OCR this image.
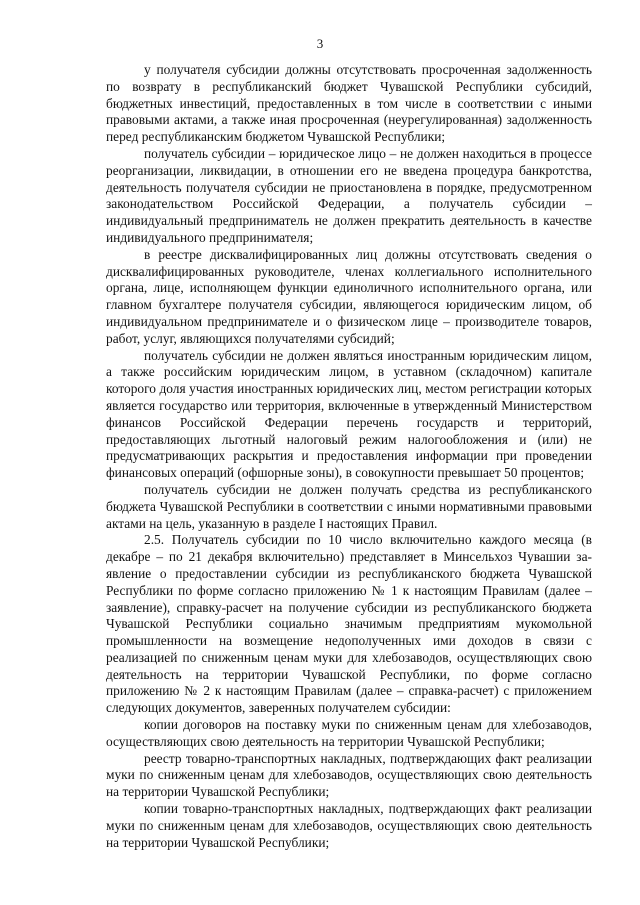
3

у получателя субсидии должны отсутствовать просроченная задолженность по возврату в республиканский бюджет Чувашской Республики субсидий, бюджетных инвестиций, предоставленных в том числе в соответствии с иными правовыми актами, а также иная просроченная (неурегулированная) задолженность перед республиканским бюджетом Чувашской Республики;

получатель субсидии – юридическое лицо – не должен находиться в процессе реорганизации, ликвидации, в отношении его не введена процедура банкротства, деятельность получателя субсидии не приостановлена в порядке, предусмотренном законодательством Российской Федерации, а получатель субсидии – индивидуальный предприниматель не должен прекратить деятельность в качестве индивидуального предпринимателя;

в реестре дисквалифицированных лиц должны отсутствовать сведения о дисквалифицированных руководителе, членах коллегиального исполнительного органа, лице, исполняющем функции единоличного исполнительного органа, или главном бухгалтере получателя субсидии, являющегося юридическим лицом, об индивидуальном предпринимателе и о физическом лице – производителе товаров, работ, услуг, являющихся получателями субсидий;

получатель субсидии не должен являться иностранным юридическим лицом, а также российским юридическим лицом, в уставном (складочном) капитале которого доля участия иностранных юридических лиц, местом регистрации которых является государство или территория, включенные в утвержденный Министерством финансов Российской Федерации перечень государств и территорий, предоставляющих льготный налоговый режим налогообложения и (или) не предусматривающих раскрытия и предоставления информации при проведении финансовых операций (офшорные зоны), в совокупности превышает 50 процентов;

получатель субсидии не должен получать средства из республиканского бюджета Чувашской Республики в соответствии с иными нормативными правовыми актами на цель, указанную в разделе I настоящих Правил.

2.5. Получатель субсидии по 10 число включительно каждого месяца (в декабре – по 21 декабря включительно) представляет в Минсельхоз Чувашии заявление о предоставлении субсидии из республиканского бюджета Чувашской Республики по форме согласно приложению № 1 к настоящим Правилам (далее – заявление), справку-расчет на получение субсидии из республиканского бюджета Чувашской Республики социально значимым предприятиям мукомольной промышленности на возмещение недополученных ими доходов в связи с реализацией по сниженным ценам муки для хлебозаводов, осуществляющих свою деятельность на территории Чувашской Республики, по форме согласно приложению № 2 к настоящим Правилам (далее – справка-расчет) с приложением следующих документов, заверенных получателем субсидии:

копии договоров на поставку муки по сниженным ценам для хлебозаводов, осуществляющих свою деятельность на территории Чувашской Республики;

реестр товарно-транспортных накладных, подтверждающих факт реализации муки по сниженным ценам для хлебозаводов, осуществляющих свою деятельность на территории Чувашской Республики;

копии товарно-транспортных накладных, подтверждающих факт реализации муки по сниженным ценам для хлебозаводов, осуществляющих свою деятельность на территории Чувашской Республики;
